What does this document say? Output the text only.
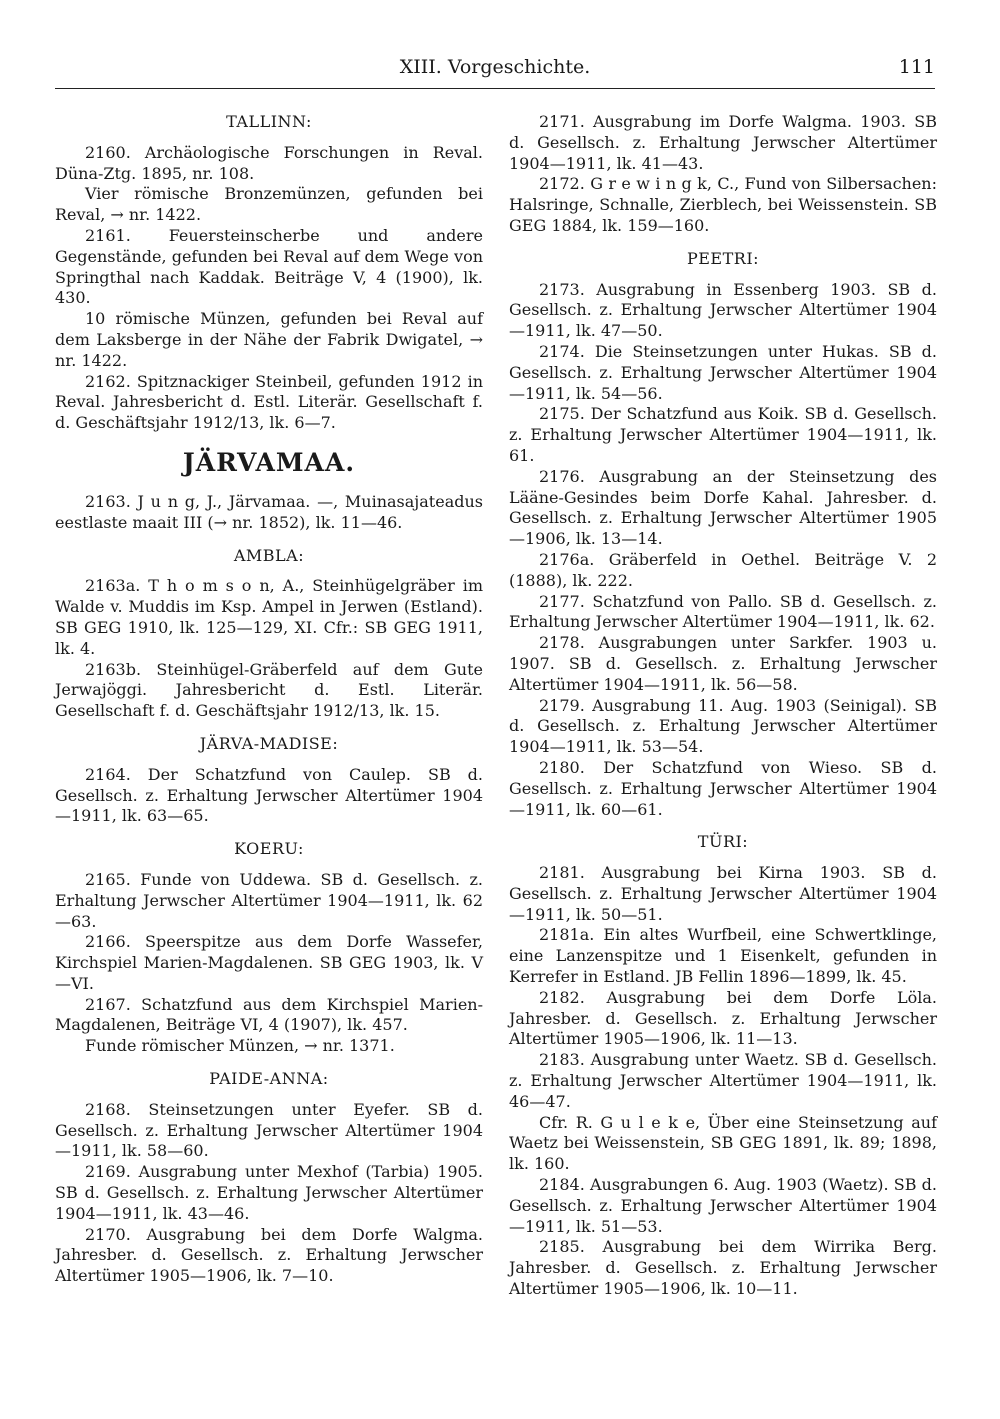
XIII. Vorgeschichte.	111
TALLINN:

2160. Archäologische Forschungen in Reval. Düna-Ztg. 1895, nr. 108.

Vier römische Bronzemünzen, gefunden bei Reval, → nr. 1422.

2161. Feuersteinscherbe und andere Gegenstände, gefunden bei Reval auf dem Wege von Springthal nach Kaddak. Beiträge V, 4 (1900), lk. 430.

10 römische Münzen, gefunden bei Reval auf dem Laksberge in der Nähe der Fabrik Dwigatel, → nr. 1422.

2162. Spitznackiger Steinbeil, gefunden 1912 in Reval. Jahresbericht d. Estl. Literär. Gesellschaft f. d. Geschäftsjahr 1912/13, lk. 6—7.

JÄRVAMAA.

2163. J u n g, J., Järvamaa. —, Muinasajateadus eestlaste maait III (→ nr. 1852), lk. 11—46.

AMBLA:

2163a. T h o m s o n, A., Steinhügelgräber im Walde v. Muddis im Ksp. Ampel in Jerwen (Estland). SB GEG 1910, lk. 125—129, XI. Cfr.: SB GEG 1911, lk. 4.

2163b. Steinhügel-Gräberfeld auf dem Gute Jerwajöggi. Jahresbericht d. Estl. Literär. Gesellschaft f. d. Geschäftsjahr 1912/13, lk. 15.

JÄRVA-MADISE:

2164. Der Schatzfund von Caulep. SB d. Gesellsch. z. Erhaltung Jerwscher Altertümer 1904—1911, lk. 63—65.

KOERU:

2165. Funde von Uddewa. SB d. Gesellsch. z. Erhaltung Jerwscher Altertümer 1904—1911, lk. 62—63.

2166. Speerspitze aus dem Dorfe Wassefer, Kirchspiel Marien-Magdalenen. SB GEG 1903, lk. V—VI.

2167. Schatzfund aus dem Kirchspiel Marien-Magdalenen, Beiträge VI, 4 (1907), lk. 457.

Funde römischer Münzen, → nr. 1371.

PAIDE-ANNA:

2168. Steinsetzungen unter Eyefer. SB d. Gesellsch. z. Erhaltung Jerwscher Altertümer 1904—1911, lk. 58—60.

2169. Ausgrabung unter Mexhof (Tarbia) 1905. SB d. Gesellsch. z. Erhaltung Jerwscher Altertümer 1904—1911, lk. 43—46.

2170. Ausgrabung bei dem Dorfe Walgma. Jahresber. d. Gesellsch. z. Erhaltung Jerwscher Altertümer 1905—1906, lk. 7—10.

2171. Ausgrabung im Dorfe Walgma. 1903. SB d. Gesellsch. z. Erhaltung Jerwscher Altertümer 1904—1911, lk. 41—43.

2172. G r e w i n g k, C., Fund von Silbersachen: Halsringe, Schnalle, Zierblech, bei Weissenstein. SB GEG 1884, lk. 159—160.

PEETRI:

2173. Ausgrabung in Essenberg 1903. SB d. Gesellsch. z. Erhaltung Jerwscher Altertümer 1904—1911, lk. 47—50.

2174. Die Steinsetzungen unter Hukas. SB d. Gesellsch. z. Erhaltung Jerwscher Altertümer 1904—1911, lk. 54—56.

2175. Der Schatzfund aus Koik. SB d. Gesellsch. z. Erhaltung Jerwscher Altertümer 1904—1911, lk. 61.

2176. Ausgrabung an der Steinsetzung des Lääne-Gesindes beim Dorfe Kahal. Jahresber. d. Gesellsch. z. Erhaltung Jerwscher Altertümer 1905—1906, lk. 13—14.

2176a. Gräberfeld in Oethel. Beiträge V. 2 (1888), lk. 222.

2177. Schatzfund von Pallo. SB d. Gesellsch. z. Erhaltung Jerwscher Altertümer 1904—1911, lk. 62.

2178. Ausgrabungen unter Sarkfer. 1903 u. 1907. SB d. Gesellsch. z. Erhaltung Jerwscher Altertümer 1904—1911, lk. 56—58.

2179. Ausgrabung 11. Aug. 1903 (Seinigal). SB d. Gesellsch. z. Erhaltung Jerwscher Altertümer 1904—1911, lk. 53—54.

2180. Der Schatzfund von Wieso. SB d. Gesellsch. z. Erhaltung Jerwscher Altertümer 1904—1911, lk. 60—61.

TÜRI:

2181. Ausgrabung bei Kirna 1903. SB d. Gesellsch. z. Erhaltung Jerwscher Altertümer 1904—1911, lk. 50—51.

2181a. Ein altes Wurfbeil, eine Schwertklinge, eine Lanzenspitze und 1 Eisenkelt, gefunden in Kerrefer in Estland. JB Fellin 1896—1899, lk. 45.

2182. Ausgrabung bei dem Dorfe Löla. Jahresber. d. Gesellsch. z. Erhaltung Jerwscher Altertümer 1905—1906, lk. 11—13.

2183. Ausgrabung unter Waetz. SB d. Gesellsch. z. Erhaltung Jerwscher Altertümer 1904—1911, lk. 46—47.

Cfr. R. G u l e k e, Über eine Steinsetzung auf Waetz bei Weissenstein, SB GEG 1891, lk. 89; 1898, lk. 160.

2184. Ausgrabungen 6. Aug. 1903 (Waetz). SB d. Gesellsch. z. Erhaltung Jerwscher Altertümer 1904—1911, lk. 51—53.

2185. Ausgrabung bei dem Wirrika Berg. Jahresber. d. Gesellsch. z. Erhaltung Jerwscher Altertümer 1905—1906, lk. 10—11.
